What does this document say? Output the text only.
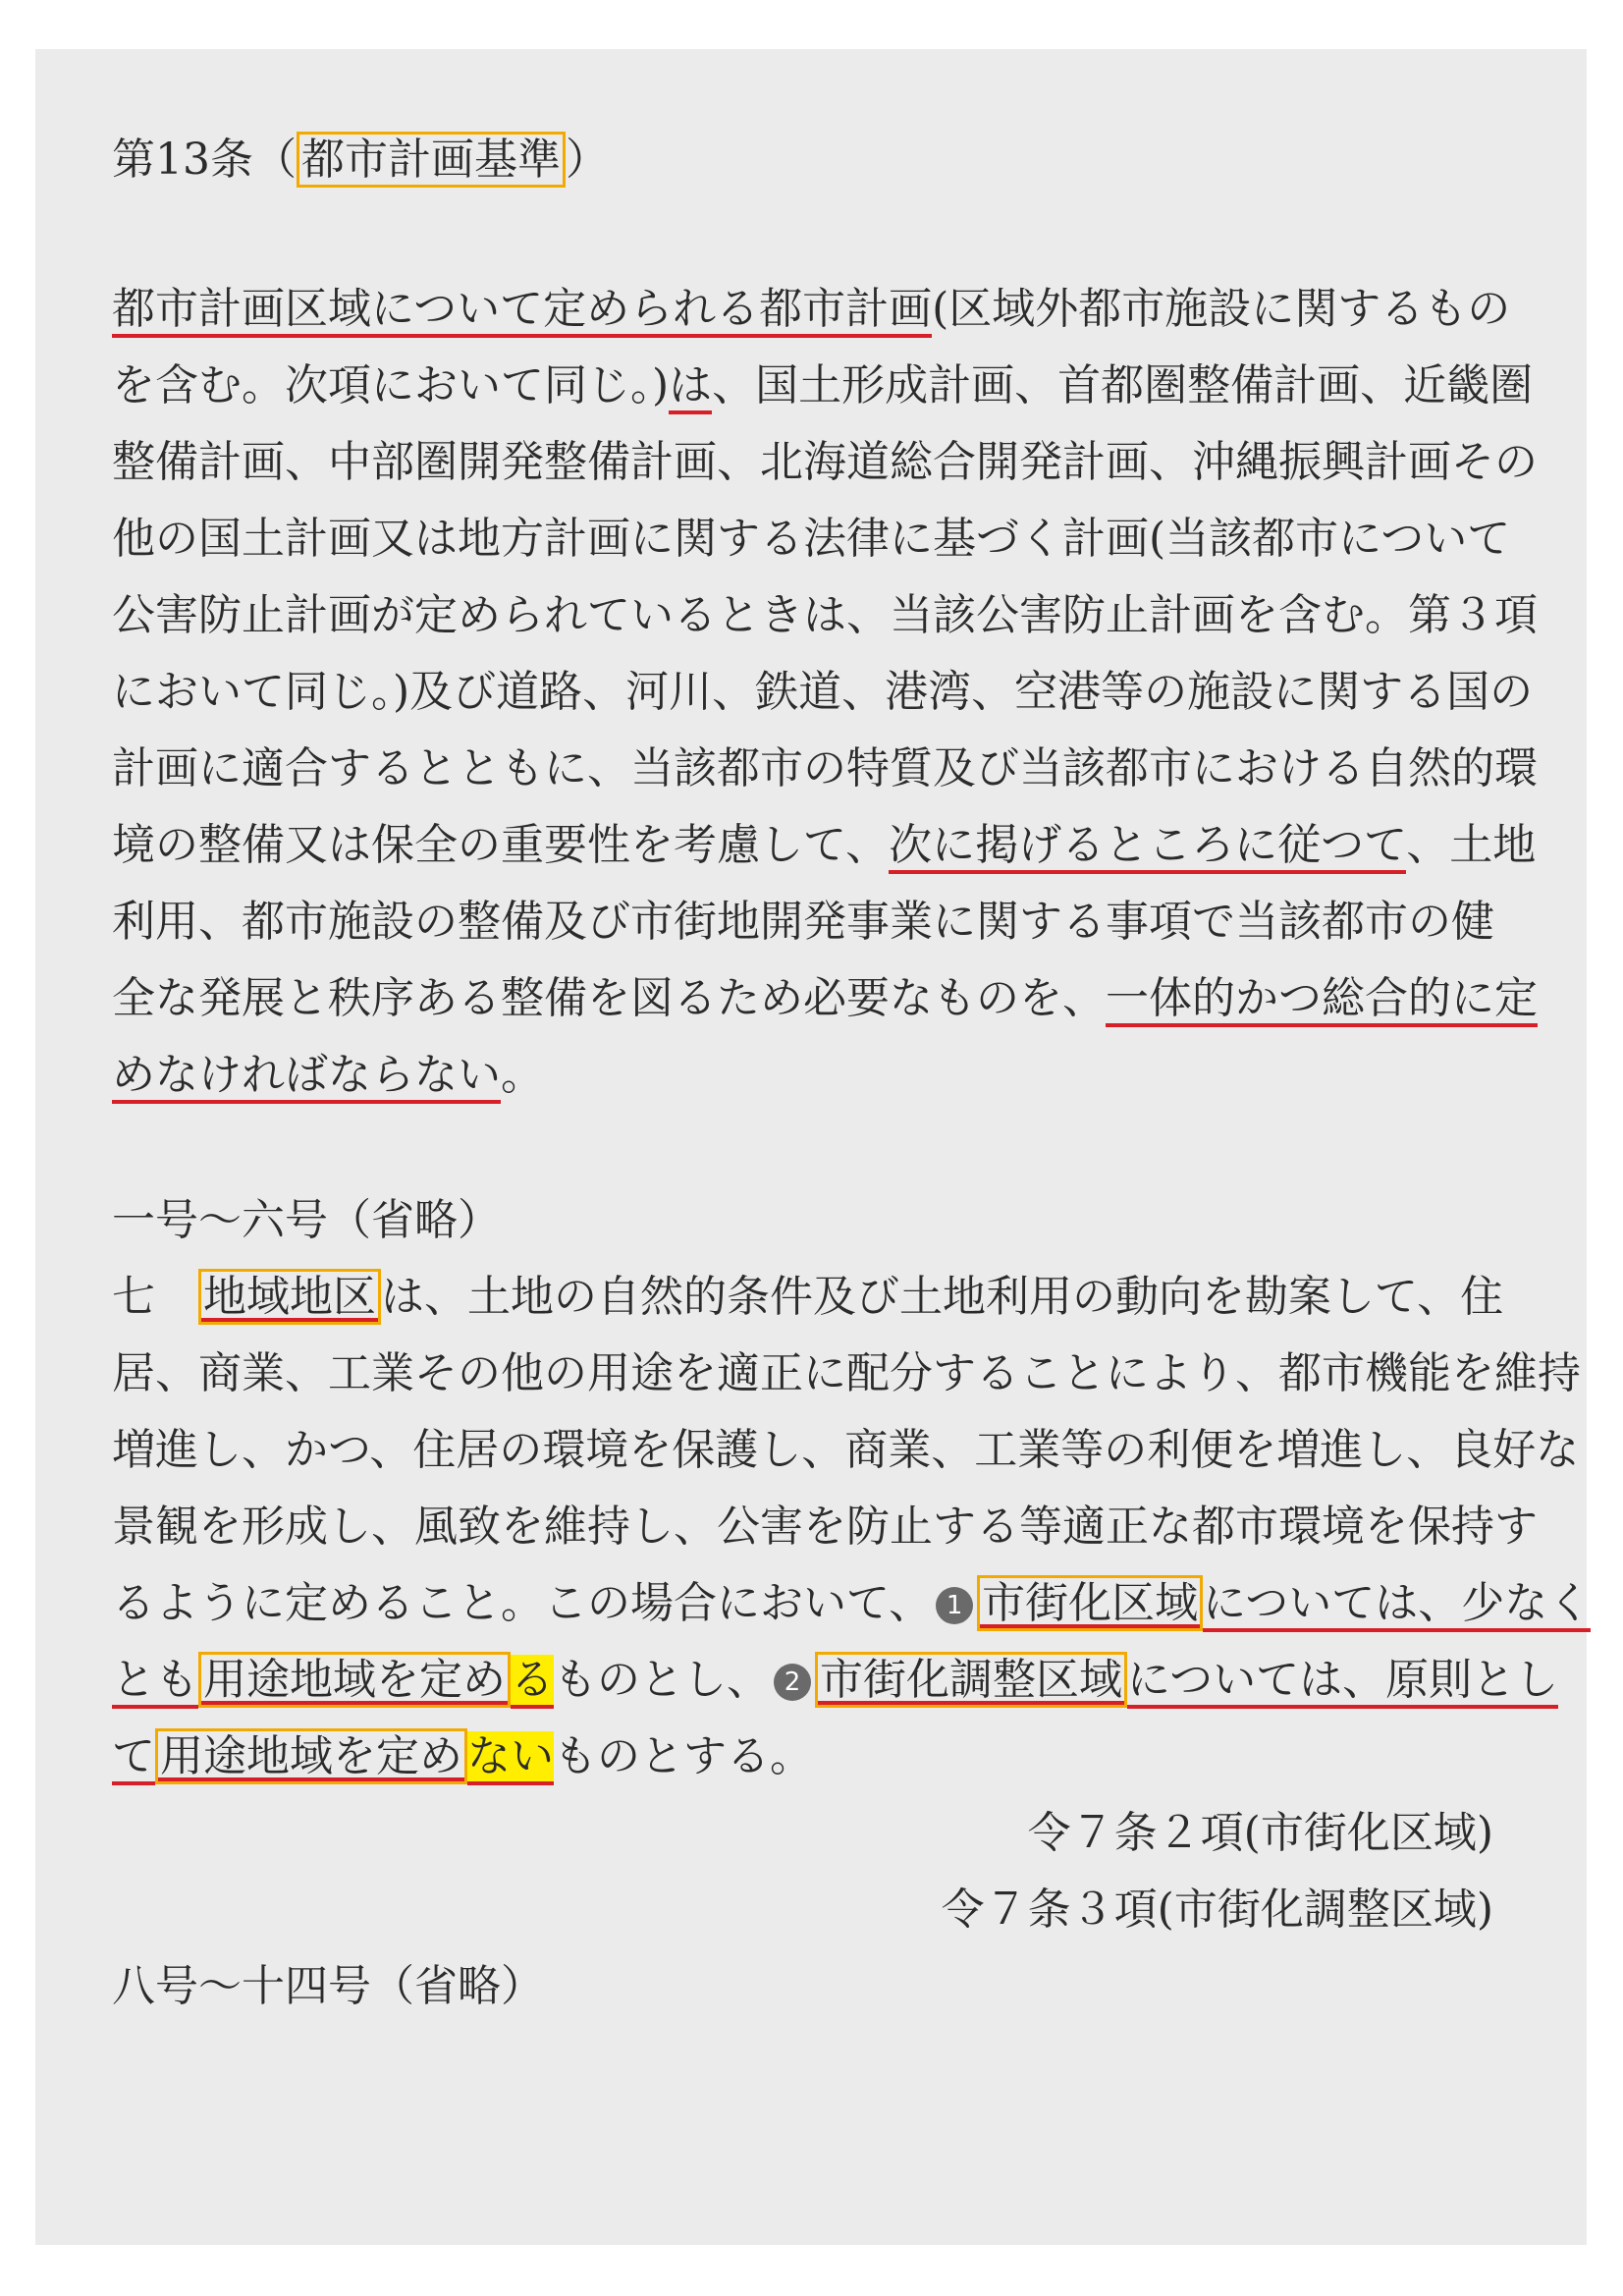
第13条（ 都市計画基準 ）
都市計画区域について定められる都市計画(区域外都市施設に関するもの
を含む。次項において同じ。)は、国土形成計画、首都圏整備計画、近畿圏
整備計画、中部圏開発整備計画、北海道総合開発計画、沖縄振興計画その
他の国土計画又は地方計画に関する法律に基づく計画(当該都市について
公害防止計画が定められているときは、当該公害防止計画を含む。第３項
において同じ。)及び道路、河川、鉄道、港湾、空港等の施設に関する国の
計画に適合するとともに、当該都市の特質及び当該都市における自然的環
境の整備又は保全の重要性を考慮して、次に掲げるところに従つて、土地
利用、都市施設の整備及び市街地開発事業に関する事項で当該都市の健
全な発展と秩序ある整備を図るため必要なものを、一体的かつ総合的に定
めなければならない。
一号～六号（省略）
七 地域地区 は、土地の自然的条件及び土地利用の動向を勘案して、住
居、商業、工業その他の用途を適正に配分することにより、都市機能を維持
増進し、かつ、住居の環境を保護し、商業、工業等の利便を増進し、良好な
景観を形成し、風致を維持し、公害を防止する等適正な都市環境を保持す
るように定めること。この場合において、 1 市街化区域 については、少なく
とも 用途地域を定め るものとし、 2 市街化調整区域 については、原則とし
て 用途地域を定め ないものとする。
令７条２項(市街化区域)
令７条３項(市街化調整区域)
八号～十四号（省略）
